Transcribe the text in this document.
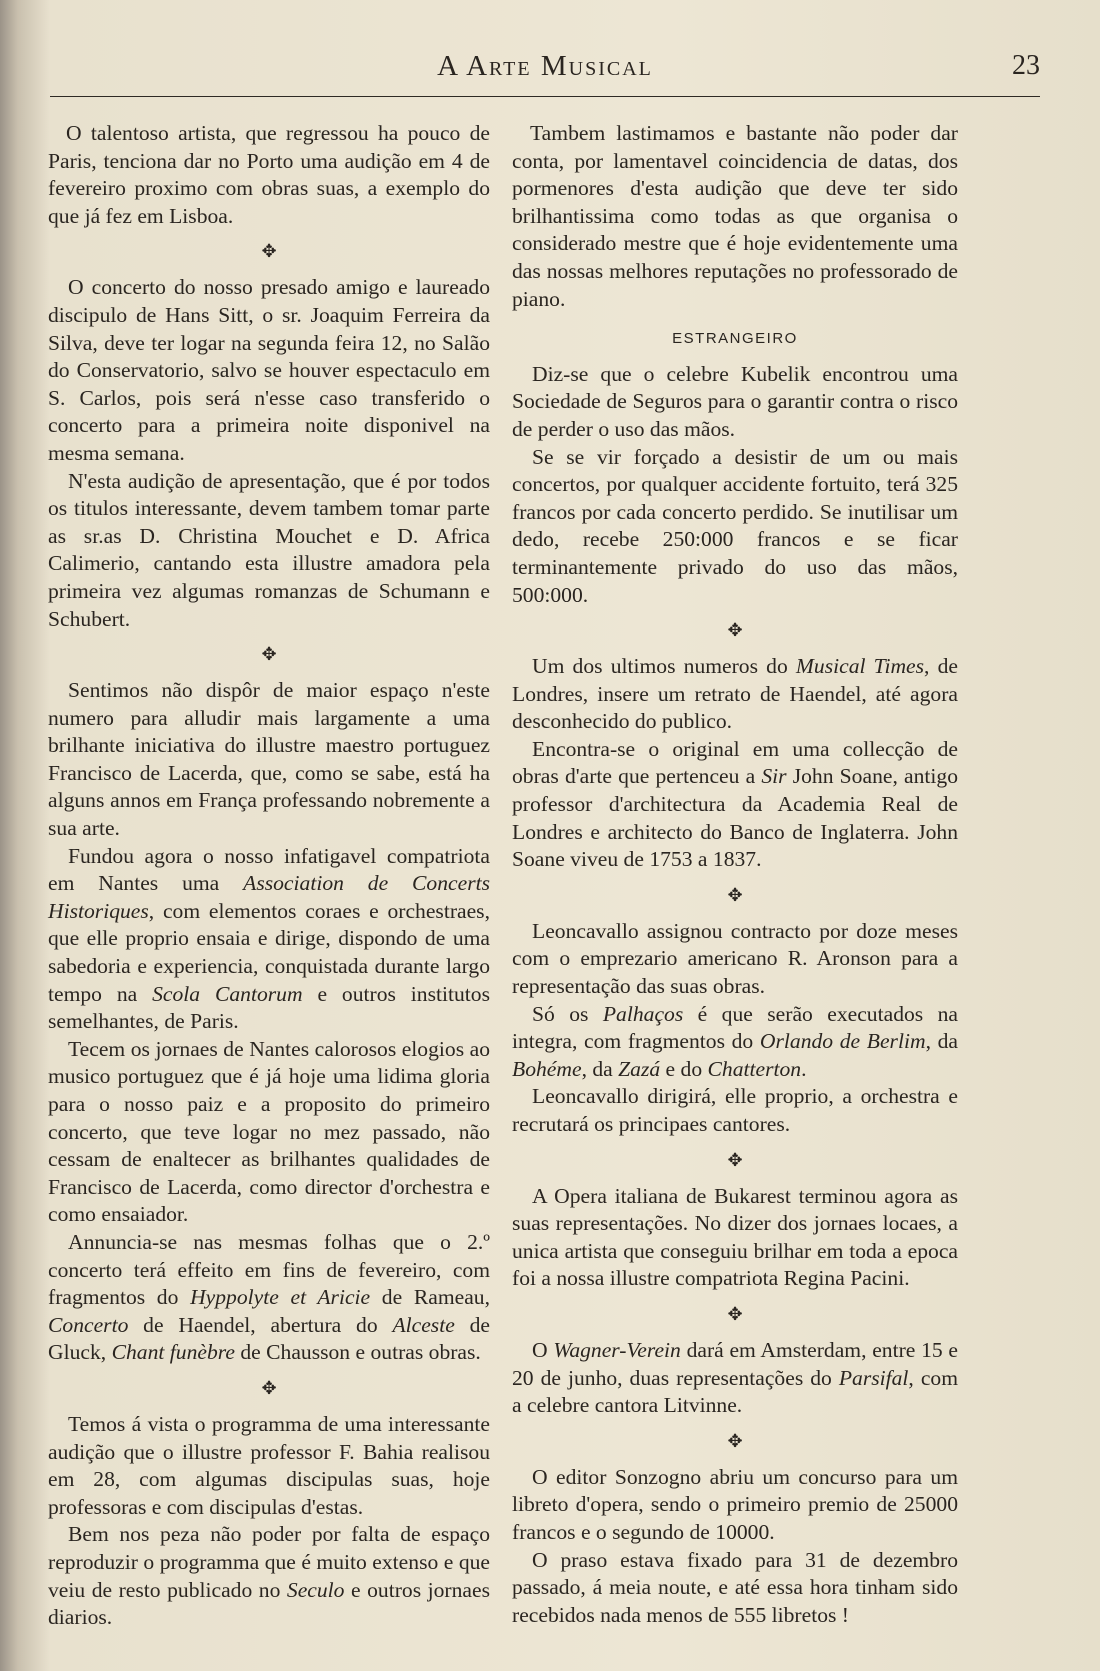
A Arte Musical	23

O talentoso artista, que regressou ha pouco de Paris, tenciona dar no Porto uma audição em 4 de fevereiro proximo com obras suas, a exemplo do que já fez em Lisboa.

✥

O concerto do nosso presado amigo e laureado discipulo de Hans Sitt, o sr. Joaquim Ferreira da Silva, deve ter logar na segunda feira 12, no Salão do Conservatorio, salvo se houver espectaculo em S. Carlos, pois será n'esse caso transferido o concerto para a primeira noite disponivel na mesma semana.

N'esta audição de apresentação, que é por todos os titulos interessante, devem tambem tomar parte as sr.as D. Christina Mouchet e D. Africa Calimerio, cantando esta illustre amadora pela primeira vez algumas romanzas de Schumann e Schubert.

✥

Sentimos não dispôr de maior espaço n'este numero para alludir mais largamente a uma brilhante iniciativa do illustre maestro portuguez Francisco de Lacerda, que, como se sabe, está ha alguns annos em França professando nobremente a sua arte.

Fundou agora o nosso infatigavel compatriota em Nantes uma Association de Concerts Historiques, com elementos coraes e orchestraes, que elle proprio ensaia e dirige, dispondo de uma sabedoria e experiencia, conquistada durante largo tempo na Scola Cantorum e outros institutos semelhantes, de Paris.

Tecem os jornaes de Nantes calorosos elogios ao musico portuguez que é já hoje uma lidima gloria para o nosso paiz e a proposito do primeiro concerto, que teve logar no mez passado, não cessam de enaltecer as brilhantes qualidades de Francisco de Lacerda, como director d'orchestra e como ensaiador.

Annuncia-se nas mesmas folhas que o 2.º concerto terá effeito em fins de fevereiro, com fragmentos do Hyppolyte et Aricie de Rameau, Concerto de Haendel, abertura do Alceste de Gluck, Chant funèbre de Chausson e outras obras.

✥

Temos á vista o programma de uma interessante audição que o illustre professor F. Bahia realisou em 28, com algumas discipulas suas, hoje professoras e com discipulas d'estas.

Bem nos peza não poder por falta de espaço reproduzir o programma que é muito extenso e que veiu de resto publicado no Seculo e outros jornaes diarios.

Tambem lastimamos e bastante não poder dar conta, por lamentavel coincidencia de datas, dos pormenores d'esta audição que deve ter sido brilhantissima como todas as que organisa o considerado mestre que é hoje evidentemente uma das nossas melhores reputações no professorado de piano.

ESTRANGEIRO

Diz-se que o celebre Kubelik encontrou uma Sociedade de Seguros para o garantir contra o risco de perder o uso das mãos.

Se se vir forçado a desistir de um ou mais concertos, por qualquer accidente fortuito, terá 325 francos por cada concerto perdido. Se inutilisar um dedo, recebe 250:000 francos e se ficar terminantemente privado do uso das mãos, 500:000.

✥

Um dos ultimos numeros do Musical Times, de Londres, insere um retrato de Haendel, até agora desconhecido do publico.

Encontra-se o original em uma collecção de obras d'arte que pertenceu a Sir John Soane, antigo professor d'architectura da Academia Real de Londres e architecto do Banco de Inglaterra. John Soane viveu de 1753 a 1837.

✥

Leoncavallo assignou contracto por doze meses com o emprezario americano R. Aronson para a representação das suas obras.

Só os Palhaços é que serão executados na integra, com fragmentos do Orlando de Berlim, da Bohéme, da Zazá e do Chatterton.

Leoncavallo dirigirá, elle proprio, a orchestra e recrutará os principaes cantores.

✥

A Opera italiana de Bukarest terminou agora as suas representações. No dizer dos jornaes locaes, a unica artista que conseguiu brilhar em toda a epoca foi a nossa illustre compatriota Regina Pacini.

✥

O Wagner-Verein dará em Amsterdam, entre 15 e 20 de junho, duas representações do Parsifal, com a celebre cantora Litvinne.

✥

O editor Sonzogno abriu um concurso para um libreto d'opera, sendo o primeiro premio de 25000 francos e o segundo de 10000.

O praso estava fixado para 31 de dezembro passado, á meia noute, e até essa hora tinham sido recebidos nada menos de 555 libretos !
